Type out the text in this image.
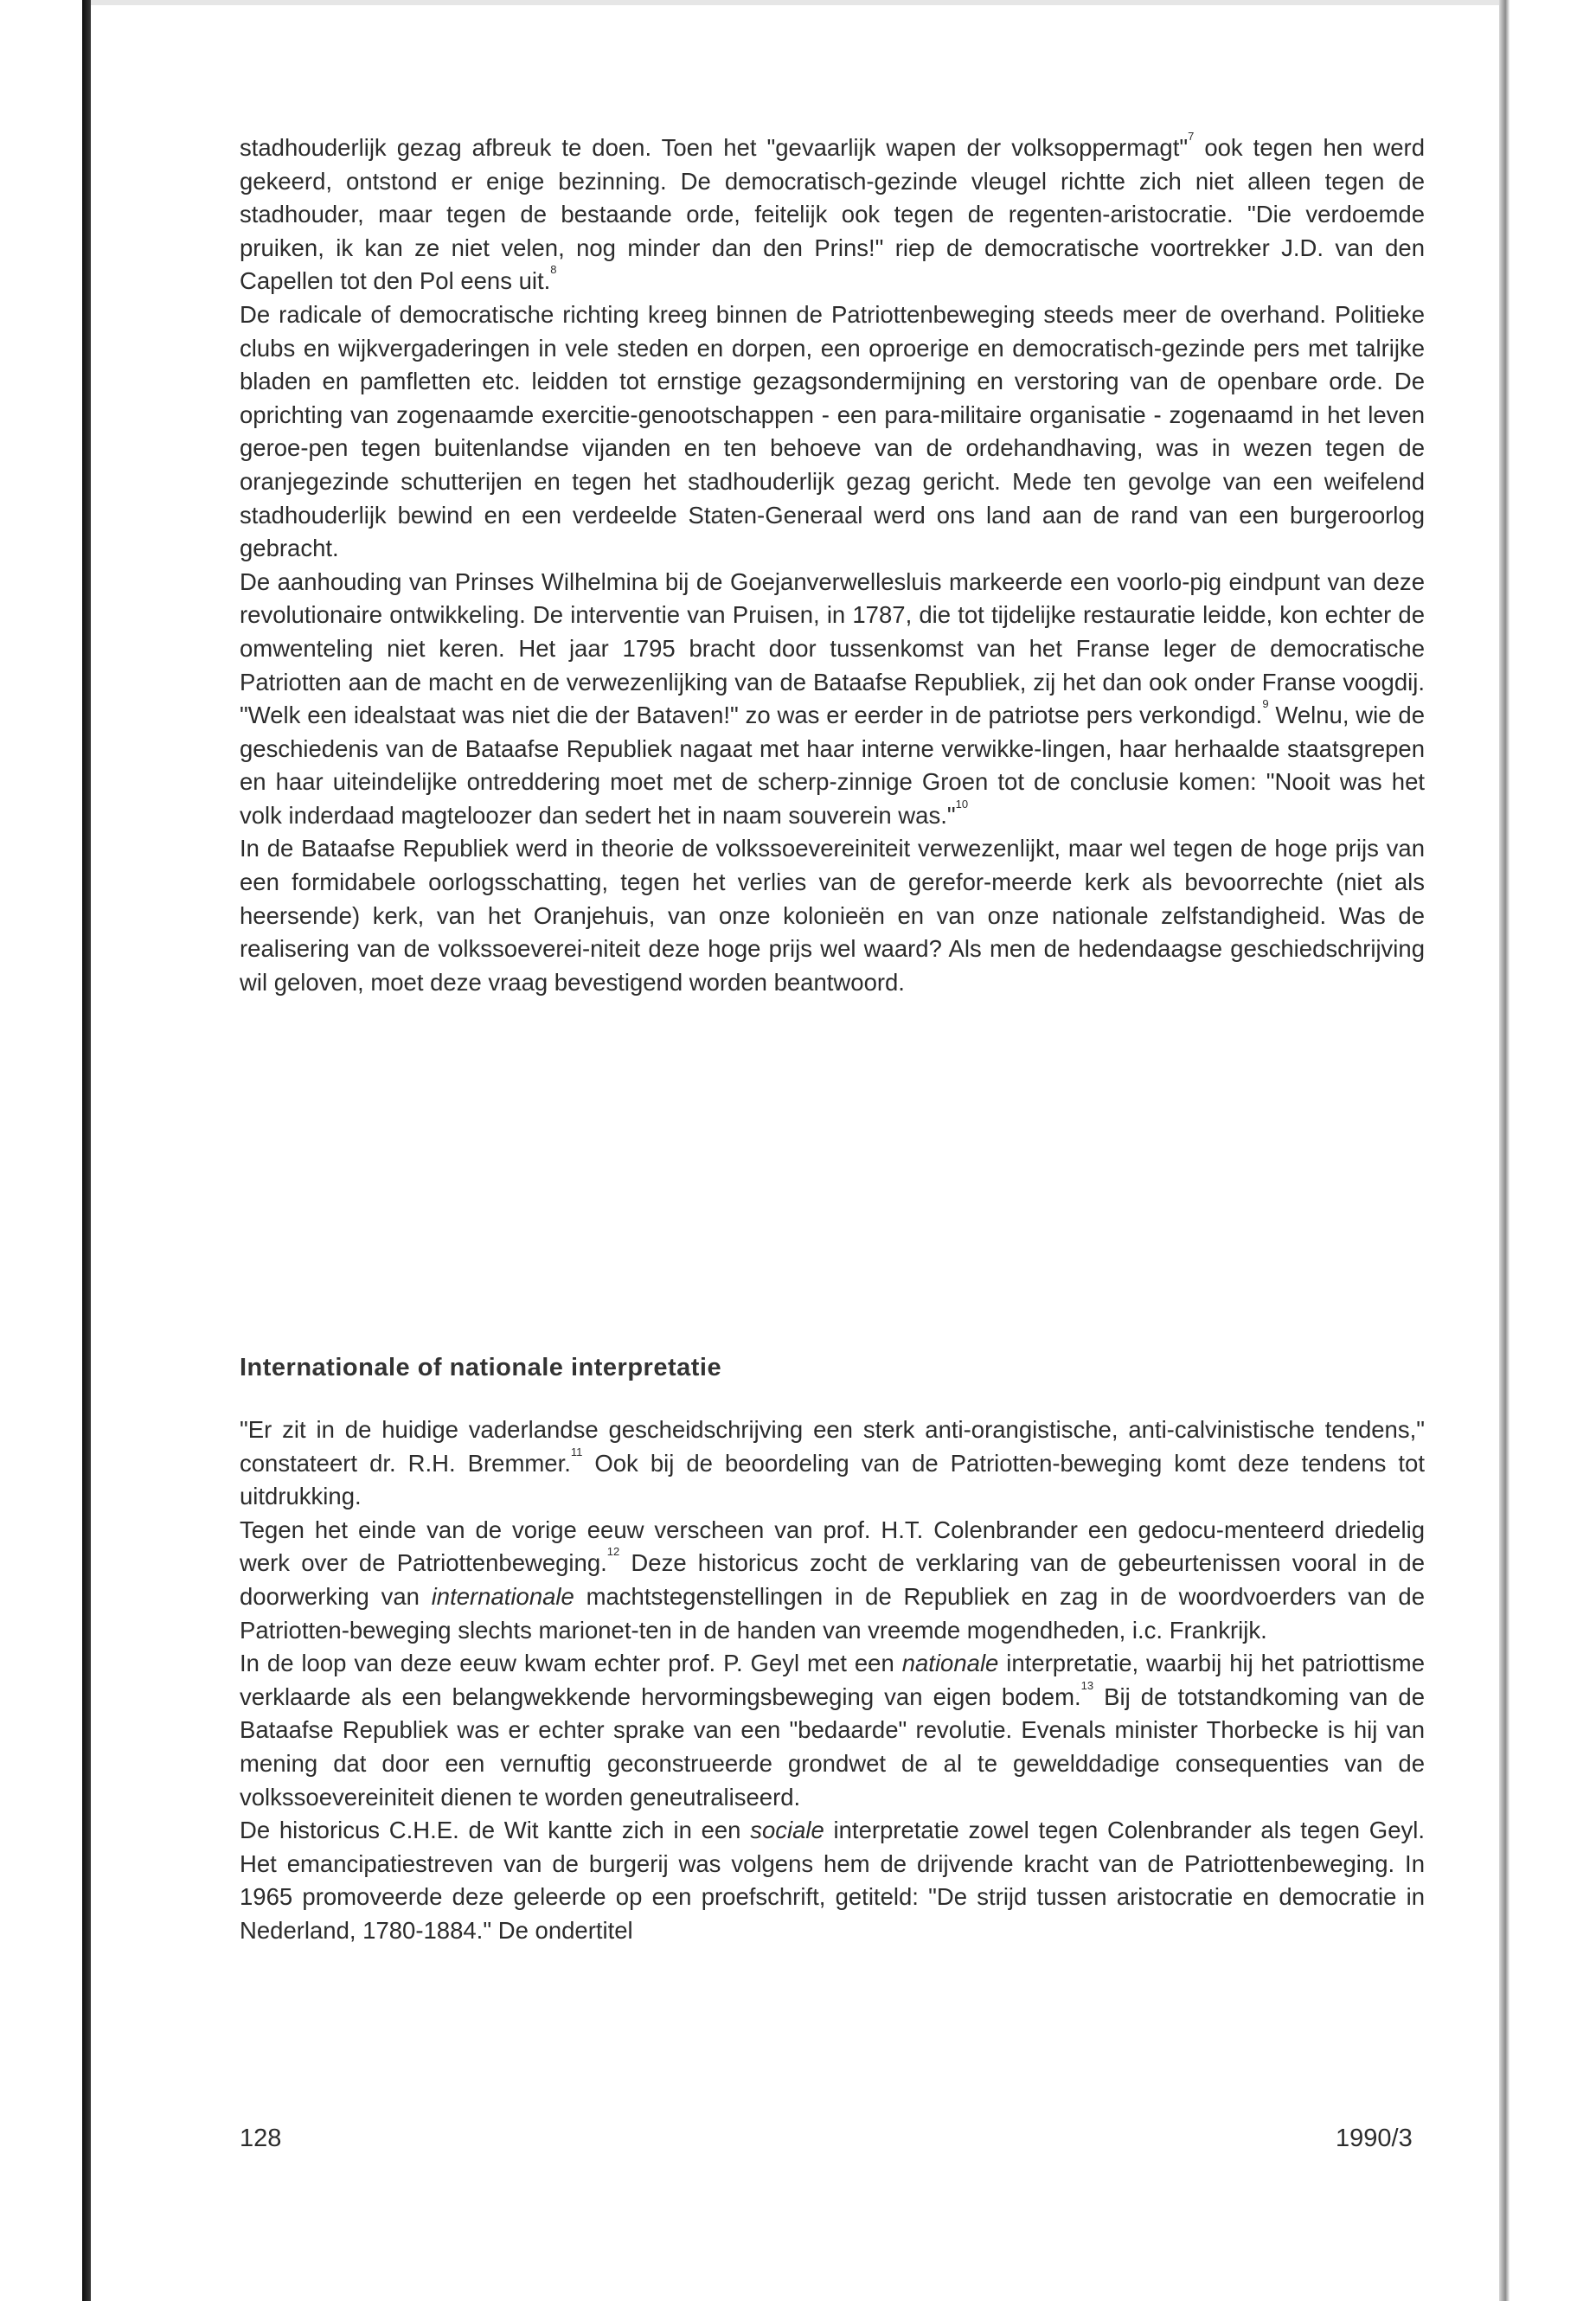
stadhouderlijk gezag afbreuk te doen. Toen het "gevaarlijk wapen der volksoppermagt"$^7$ ook tegen hen werd gekeerd, ontstond er enige bezinning. De democratisch-gezinde vleugel richtte zich niet alleen tegen de stadhouder, maar tegen de bestaande orde, feitelijk ook tegen de regenten-aristocratie. "Die verdoemde pruiken, ik kan ze niet velen, nog minder dan den Prins!" riep de democratische voortrekker J.D. van den Capellen tot den Pol eens uit.$^8$

De radicale of democratische richting kreeg binnen de Patriottenbeweging steeds meer de overhand. Politieke clubs en wijkvergaderingen in vele steden en dorpen, een oproerige en democratisch-gezinde pers met talrijke bladen en pamfletten etc. leidden tot ernstige gezagsondermijning en verstoring van de openbare orde. De oprichting van zogenaamde exercitie-genootschappen - een para-militaire organisatie - zogenaamd in het leven geroe-pen tegen buitenlandse vijanden en ten behoeve van de ordehandhaving, was in wezen tegen de oranjegezinde schutterijen en tegen het stadhouderlijk gezag gericht. Mede ten gevolge van een weifelend stadhouderlijk bewind en een verdeelde Staten-Generaal werd ons land aan de rand van een burgeroorlog gebracht.

De aanhouding van Prinses Wilhelmina bij de Goejanverwellesluis markeerde een voorlo-pig eindpunt van deze revolutionaire ontwikkeling. De interventie van Pruisen, in 1787, die tot tijdelijke restauratie leidde, kon echter de omwenteling niet keren. Het jaar 1795 bracht door tussenkomst van het Franse leger de democratische Patriotten aan de macht en de verwezenlijking van de Bataafse Republiek, zij het dan ook onder Franse voogdij. "Welk een idealstaat was niet die der Bataven!" zo was er eerder in de patriotse pers verkondigd.$^9$ Welnu, wie de geschiedenis van de Bataafse Republiek nagaat met haar interne verwikke-lingen, haar herhaalde staatsgrepen en haar uiteindelijke ontreddering moet met de scherp-zinnige Groen tot de conclusie komen: "Nooit was het volk inderdaad magteloozer dan sedert het in naam souverein was."$^{10}$

In de Bataafse Republiek werd in theorie de volkssoevereiniteit verwezenlijkt, maar wel tegen de hoge prijs van een formidabele oorlogsschatting, tegen het verlies van de gerefor-meerde kerk als bevoorrechte (niet als heersende) kerk, van het Oranjehuis, van onze kolonieën en van onze nationale zelfstandigheid. Was de realisering van de volkssoeverei-niteit deze hoge prijs wel waard? Als men de hedendaagse geschiedschrijving wil geloven, moet deze vraag bevestigend worden beantwoord.

Internationale of nationale interpretatie

"Er zit in de huidige vaderlandse gescheidschrijving een sterk anti-orangistische, anti-calvinistische tendens," constateert dr. R.H. Bremmer.$^{11}$ Ook bij de beoordeling van de Patriotten-beweging komt deze tendens tot uitdrukking.

Tegen het einde van de vorige eeuw verscheen van prof. H.T. Colenbrander een gedocu-menteerd driedelig werk over de Patriottenbeweging.$^{12}$ Deze historicus zocht de verklaring van de gebeurtenissen vooral in de doorwerking van internationale machtstegenstellingen in de Republiek en zag in de woordvoerders van de Patriotten-beweging slechts marionet-ten in de handen van vreemde mogendheden, i.c. Frankrijk.

In de loop van deze eeuw kwam echter prof. P. Geyl met een nationale interpretatie, waarbij hij het patriottisme verklaarde als een belangwekkende hervormingsbeweging van eigen bodem.$^{13}$ Bij de totstandkoming van de Bataafse Republiek was er echter sprake van een "bedaarde" revolutie. Evenals minister Thorbecke is hij van mening dat door een vernuftig geconstrueerde grondwet de al te gewelddadige consequenties van de volkssoevereiniteit dienen te worden geneutraliseerd.

De historicus C.H.E. de Wit kantte zich in een sociale interpretatie zowel tegen Colenbrander als tegen Geyl. Het emancipatiestreven van de burgerij was volgens hem de drijvende kracht van de Patriottenbeweging. In 1965 promoveerde deze geleerde op een proefschrift, getiteld: "De strijd tussen aristocratie en democratie in Nederland, 1780-1884." De ondertitel

128	1990/3
